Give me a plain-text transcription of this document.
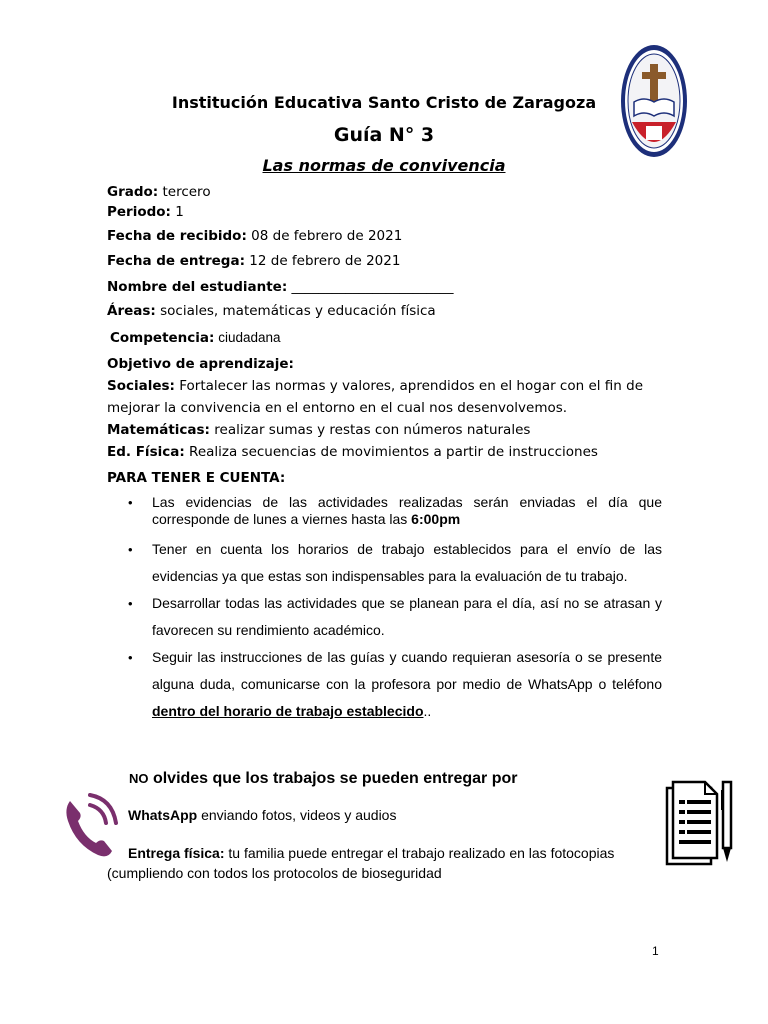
Institución Educativa Santo Cristo de Zaragoza
Guía N° 3
Las normas de convivencia
Grado: tercero
Periodo: 1
Fecha de recibido: 08 de febrero de 2021
Fecha de entrega: 12 de febrero de 2021
Nombre del estudiante: ________________________
Áreas: sociales, matemáticas y educación física
Competencia: ciudadana
Objetivo de aprendizaje:
Sociales: Fortalecer las normas y valores, aprendidos en el hogar con el fin de mejorar la convivencia en el entorno en el cual nos desenvolvemos.
Matemáticas: realizar sumas y restas con números naturales
Ed. Física: Realiza secuencias de movimientos a partir de instrucciones
PARA TENER E CUENTA:
• Las evidencias de las actividades realizadas serán enviadas el día que corresponde de lunes a viernes hasta las 6:00pm
• Tener en cuenta los horarios de trabajo establecidos para el envío de las evidencias ya que estas son indispensables para la evaluación de tu trabajo.
• Desarrollar todas las actividades que se planean para el día, así no se atrasan y favorecen su rendimiento académico.
• Seguir las instrucciones de las guías y cuando requieran asesoría o se presente alguna duda, comunicarse con la profesora por medio de WhatsApp o teléfono dentro del horario de trabajo establecido..
NO olvides que los trabajos se pueden entregar por
WhatsApp enviando fotos, videos y audios
Entrega física: tu familia puede entregar el trabajo realizado en las fotocopias (cumpliendo con todos los protocolos de bioseguridad
1
